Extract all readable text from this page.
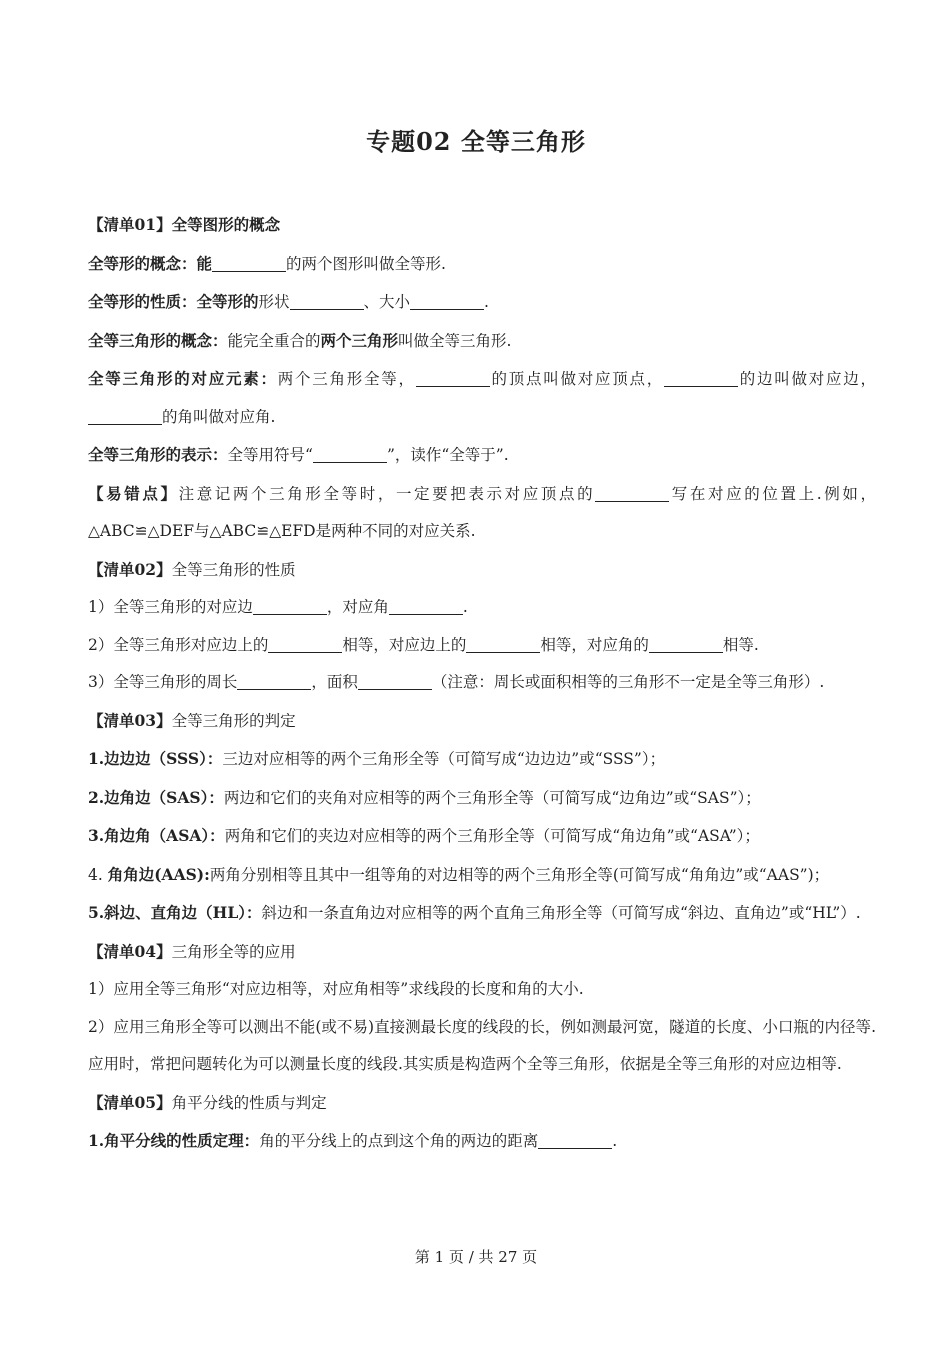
专题02 全等三角形

【清单01】全等图形的概念

全等形的概念：能	的两个图形叫做全等形.

全等形的性质：全等形的形状	、大小	.

全等三角形的概念：能完全重合的两个三角形叫做全等三角形.

全等三角形的对应元素：两个三角形全等，	的顶点叫做对应顶点，	的边叫做对应边，的角叫做对应角.

全等三角形的表示：全等用符号“	”，读作“全等于”.

【易错点】注意记两个三角形全等时，一定要把表示对应顶点的	写在对应的位置上.例如，△ABC≌△DEF与△ABC≌△EFD是两种不同的对应关系.

【清单02】全等三角形的性质

1）全等三角形的对应边	，对应角	.

2）全等三角形对应边上的	相等，对应边上的	相等，对应角的	相等.

3）全等三角形的周长	，面积	（注意：周长或面积相等的三角形不一定是全等三角形）.

【清单03】全等三角形的判定

1.边边边（SSS）：三边对应相等的两个三角形全等（可简写成“边边边”或“SSS”）；

2.边角边（SAS）：两边和它们的夹角对应相等的两个三角形全等（可简写成“边角边”或“SAS”）；

3.角边角（ASA）：两角和它们的夹边对应相等的两个三角形全等（可简写成“角边角”或“ASA”）；

4. 角角边(AAS):两角分别相等且其中一组等角的对边相等的两个三角形全等(可简写成“角角边”或“AAS”)；

5.斜边、直角边（HL）：斜边和一条直角边对应相等的两个直角三角形全等（可简写成“斜边、直角边”或“HL”）.

【清单04】三角形全等的应用

1）应用全等三角形“对应边相等，对应角相等”求线段的长度和角的大小.

2）应用三角形全等可以测出不能(或不易)直接测最长度的线段的长，例如测最河宽，隧道的长度、小口瓶的内径等.应用时，常把问题转化为可以测量长度的线段.其实质是构造两个全等三角形，依据是全等三角形的对应边相等.

【清单05】角平分线的性质与判定

1.角平分线的性质定理：角的平分线上的点到这个角的两边的距离	.

第 1 页 / 共 27 页
